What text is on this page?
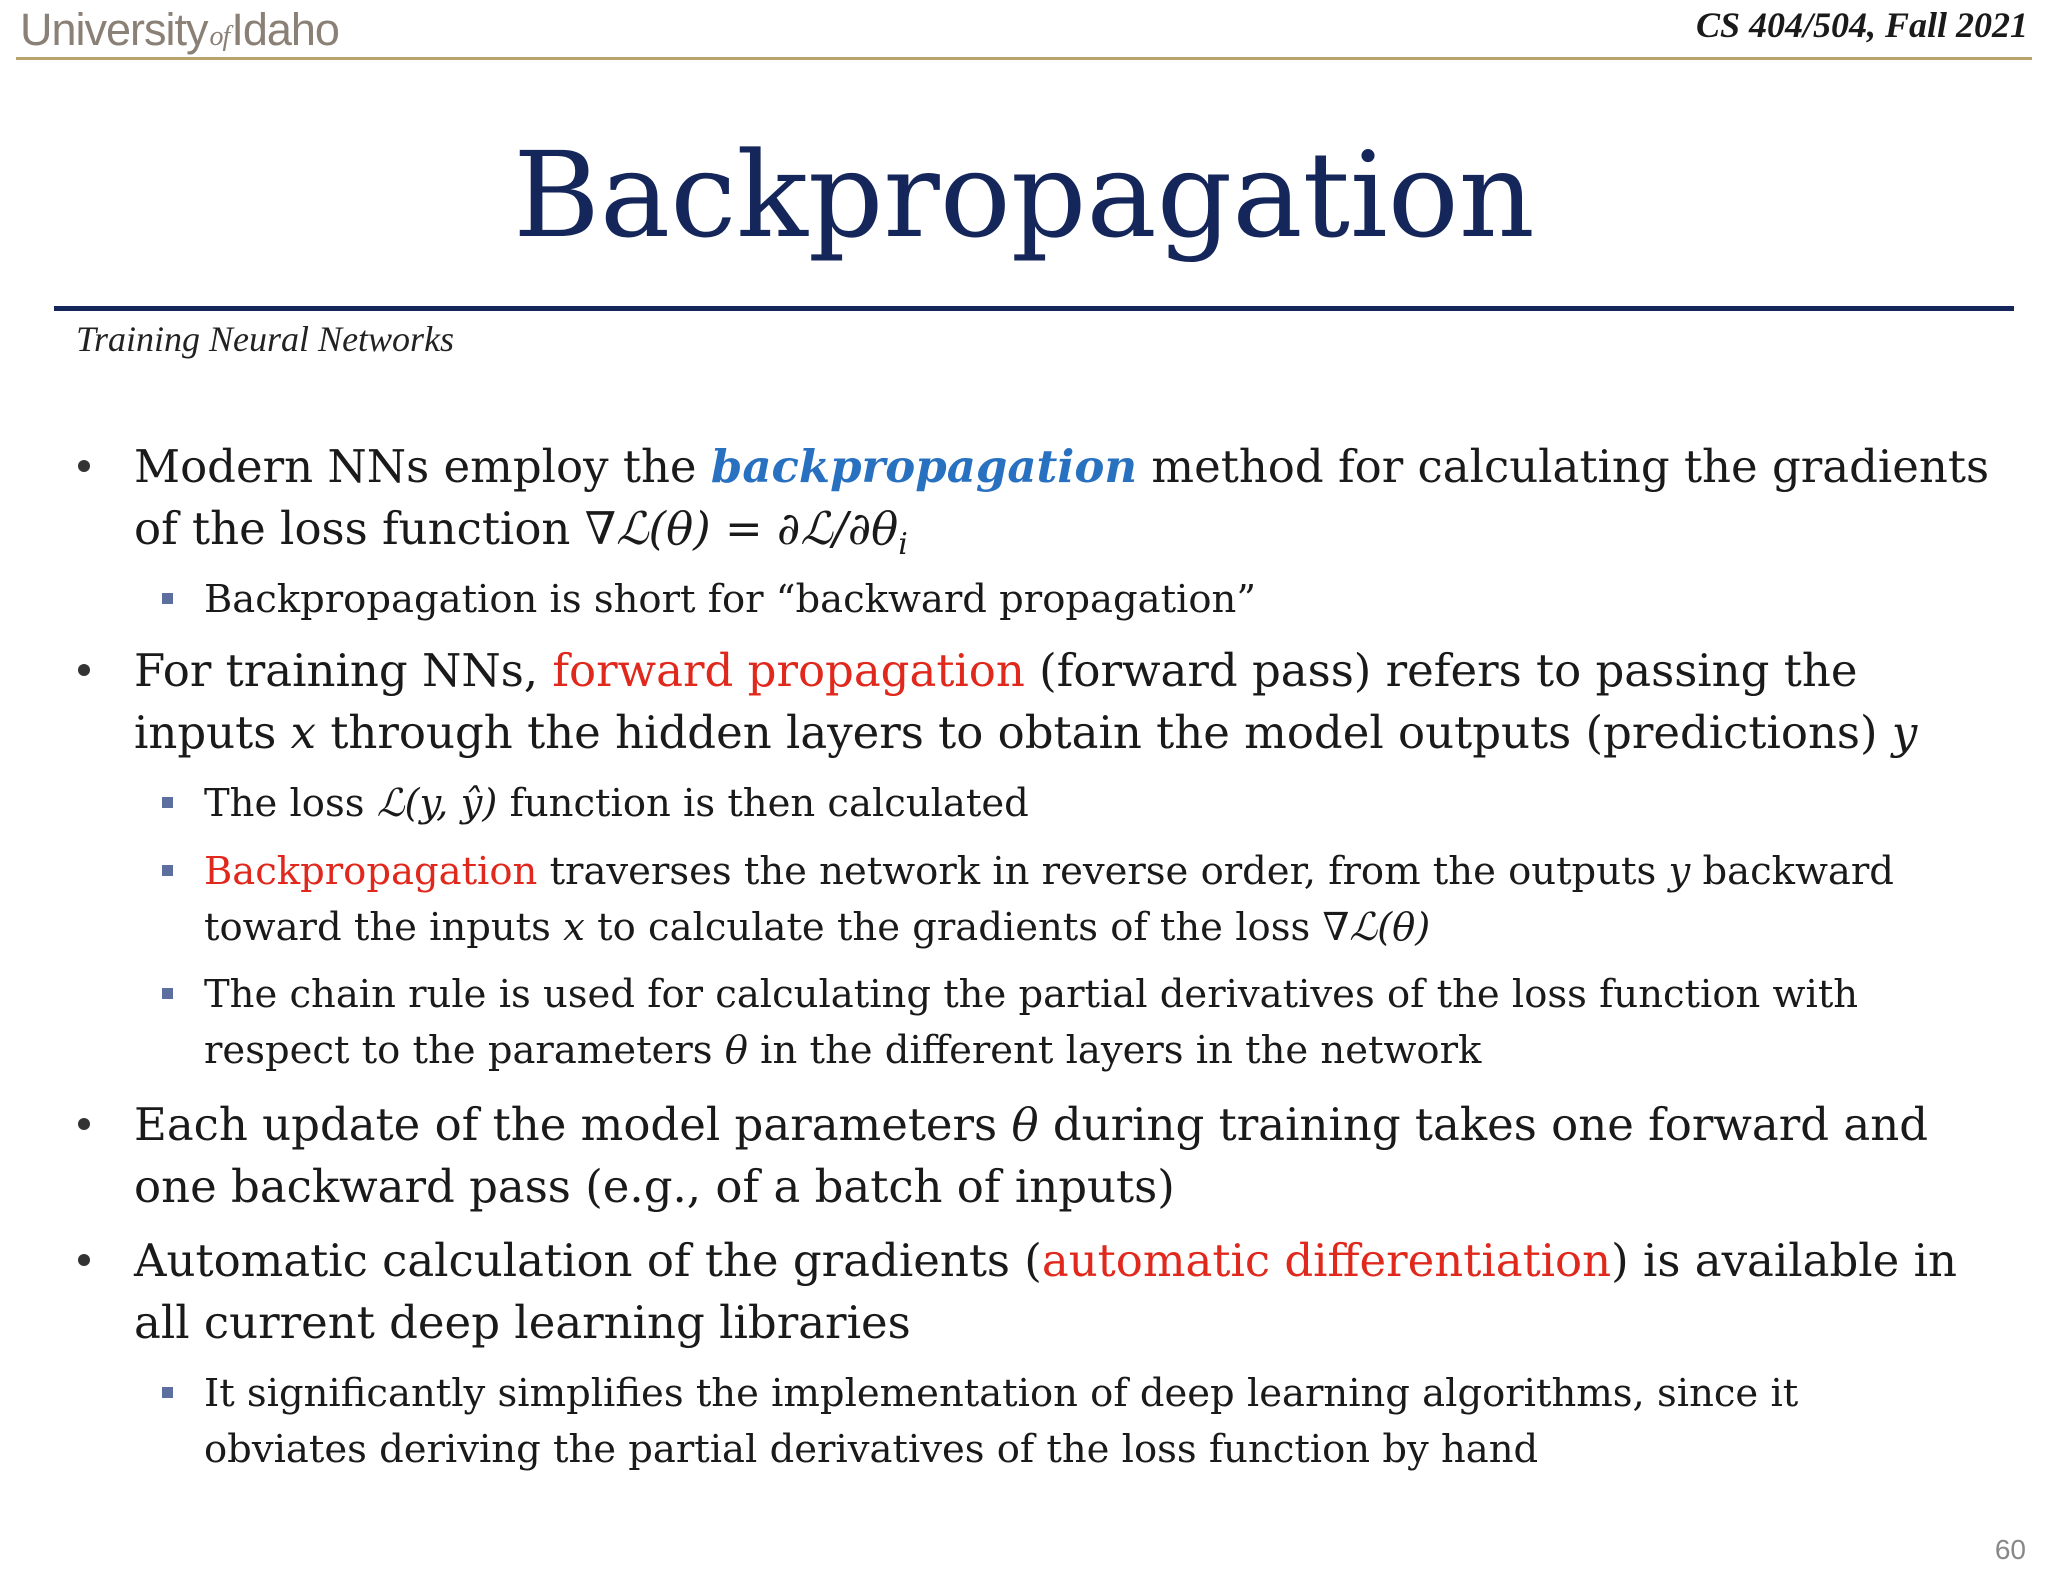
UniversityofIdaho	CS 404/504, Fall 2021
Backpropagation
Training Neural Networks
Modern NNs employ the backpropagation method for calculating the gradients
of the loss function ∇ℒ(θ) = $\partial ℒ/\partial\theta_i$
Backpropagation is short for “backward propagation”
For training NNs, forward propagation (forward pass) refers to passing the
inputs x through the hidden layers to obtain the model outputs (predictions) y
The loss ℒ(y, ŷ) function is then calculated
Backpropagation traverses the network in reverse order, from the outputs y backward
toward the inputs x to calculate the gradients of the loss ∇ℒ(θ)
The chain rule is used for calculating the partial derivatives of the loss function with
respect to the parameters θ in the different layers in the network
Each update of the model parameters θ during training takes one forward and
one backward pass (e.g., of a batch of inputs)
Automatic calculation of the gradients (automatic differentiation) is available in
all current deep learning libraries
It significantly simplifies the implementation of deep learning algorithms, since it
obviates deriving the partial derivatives of the loss function by hand
60
